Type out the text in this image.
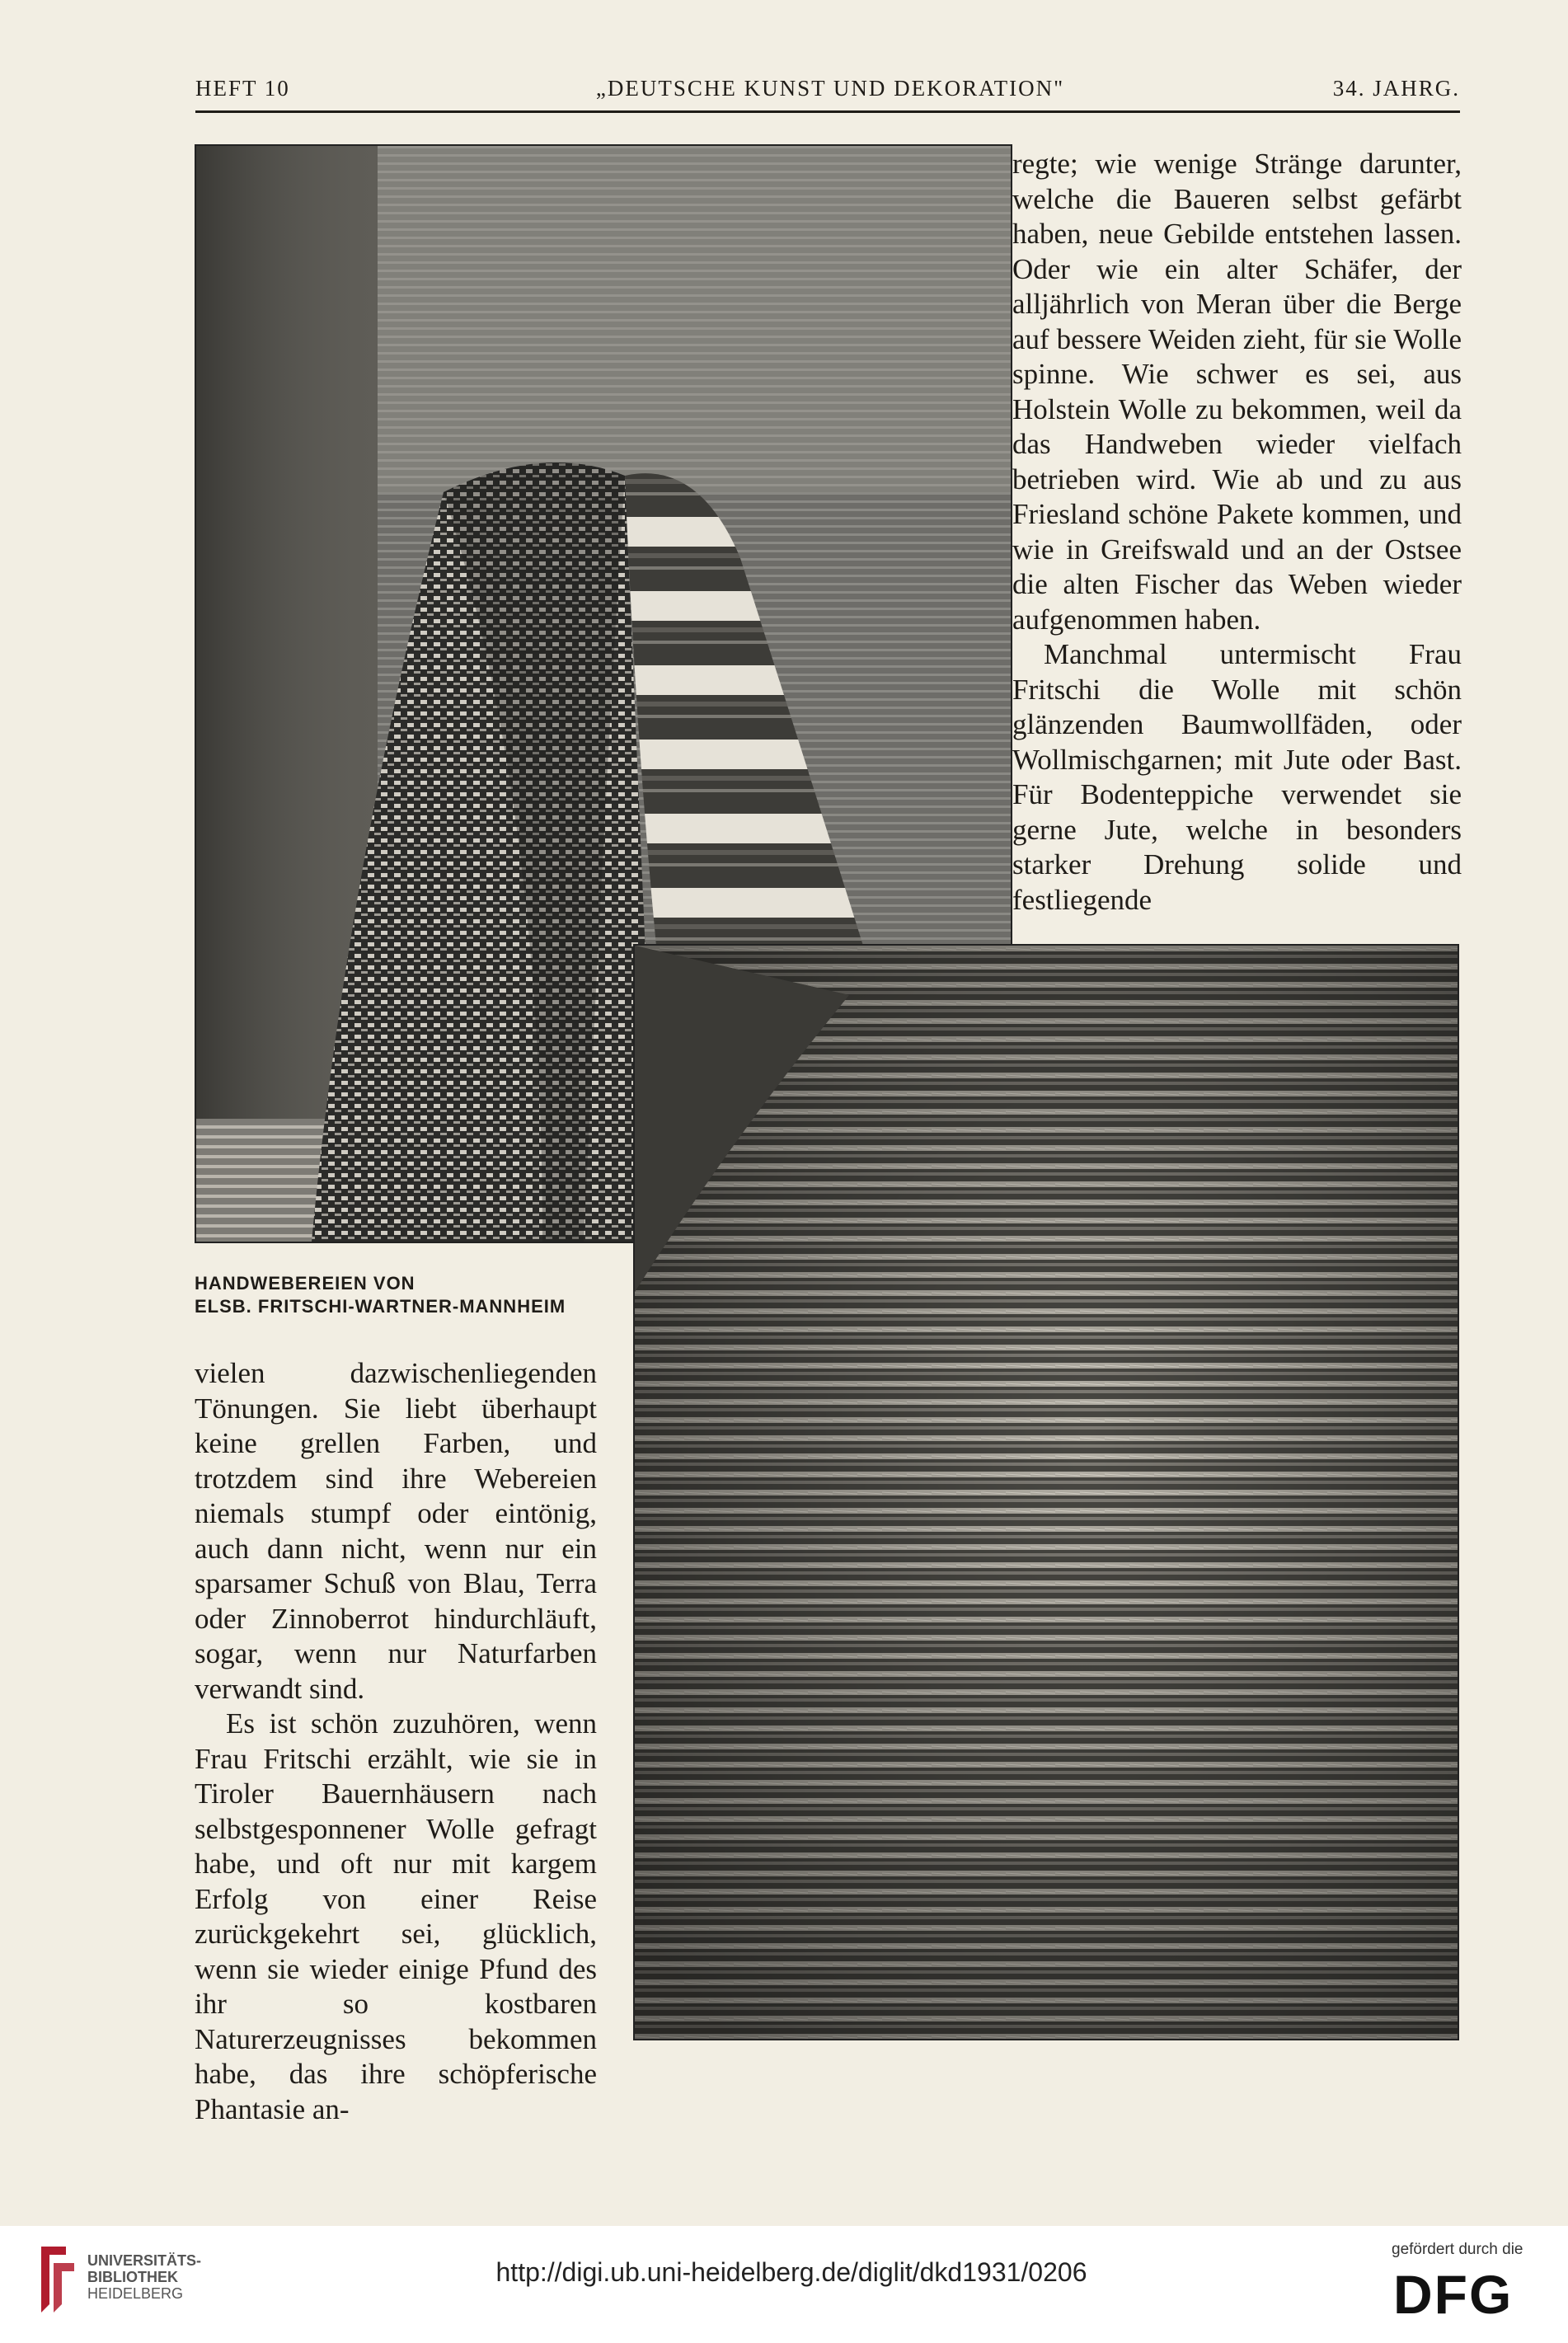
HEFT 10	„DEUTSCHE KUNST UND DEKORATION"	34. JAHRG.

regte; wie wenige Stränge darunter, welche die Baueren selbst gefärbt haben, neue Gebilde entstehen lassen. Oder wie ein alter Schäfer, der alljährlich von Meran über die Berge auf bessere Weiden zieht, für sie Wolle spinne. Wie schwer es sei, aus Holstein Wolle zu bekommen, weil da das Handweben wieder vielfach betrieben wird. Wie ab und zu aus Friesland schöne Pakete kommen, und wie in Greifswald und an der Ostsee die alten Fischer das Weben wieder aufgenommen haben.

Manchmal untermischt Frau Fritschi die Wolle mit schön glänzenden Baumwollfäden, oder Wollmischgarnen; mit Jute oder Bast. Für Bodenteppiche verwendet sie gerne Jute, welche in besonders starker Drehung solide und festliegende

HANDWEBEREIEN VON
ELSB. FRITSCHI-WARTNER-MANNHEIM

vielen dazwischenliegenden Tönungen. Sie liebt überhaupt keine grellen Farben, und trotzdem sind ihre Webereien niemals stumpf oder eintönig, auch dann nicht, wenn nur ein sparsamer Schuß von Blau, Terra oder Zinnoberrot hindurchläuft, sogar, wenn nur Naturfarben verwandt sind.

Es ist schön zuzuhören, wenn Frau Fritschi erzählt, wie sie in Tiroler Bauernhäusern nach selbstgesponnener Wolle gefragt habe, und oft nur mit kargem Erfolg von einer Reise zurückgekehrt sei, glücklich, wenn sie wieder einige Pfund des ihr so kostbaren Naturerzeugnisses bekommen habe, das ihre schöpferische Phantasie an-

UNIVERSITÄTS-
BIBLIOTHEK
HEIDELBERG
http://digi.ub.uni-heidelberg.de/diglit/dkd1931/0206
gefördert durch die
DFG
